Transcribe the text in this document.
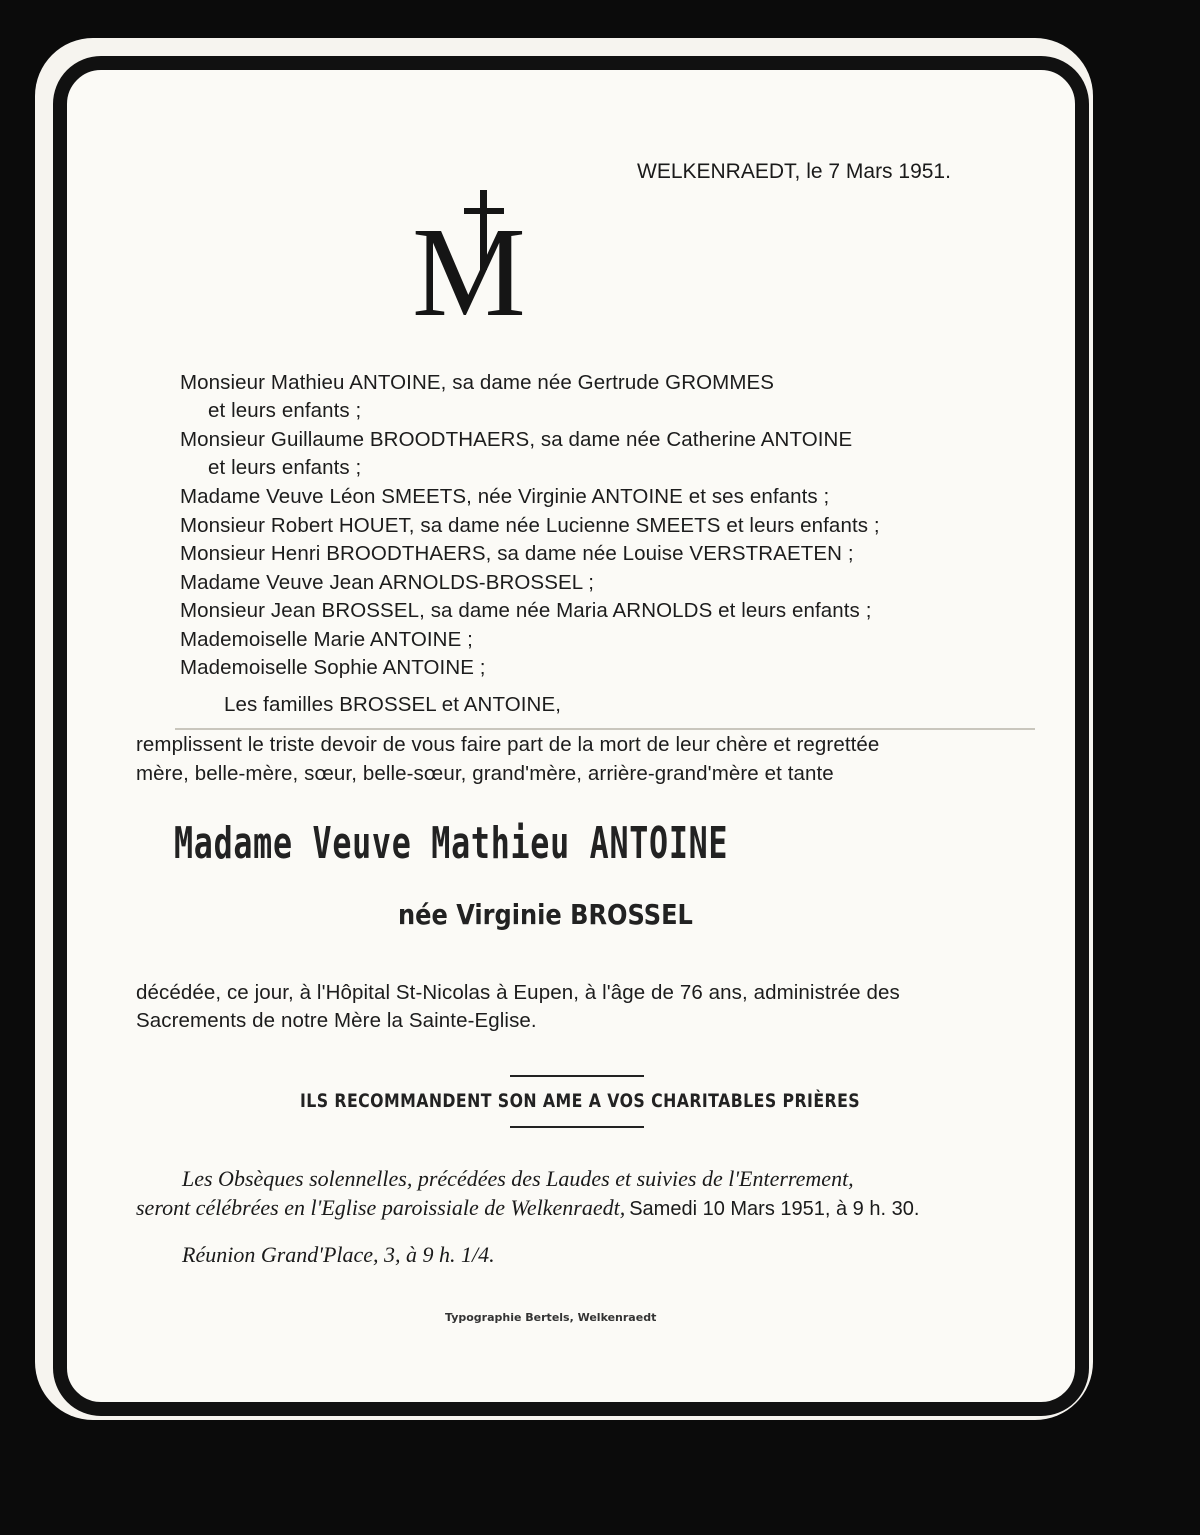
WELKENRAEDT, le 7 Mars 1951.

M

Monsieur Mathieu ANTOINE, sa dame née Gertrude GROMMES

et leurs enfants ;

Monsieur Guillaume BROODTHAERS, sa dame née Catherine ANTOINE

et leurs enfants ;

Madame Veuve Léon SMEETS, née Virginie ANTOINE et ses enfants ;

Monsieur Robert HOUET, sa dame née Lucienne SMEETS et leurs enfants ;

Monsieur Henri BROODTHAERS, sa dame née Louise VERSTRAETEN ;

Madame Veuve Jean ARNOLDS-BROSSEL ;

Monsieur Jean BROSSEL, sa dame née Maria ARNOLDS et leurs enfants ;

Mademoiselle Marie ANTOINE ;

Mademoiselle Sophie ANTOINE ;

Les familles BROSSEL et ANTOINE,

remplissent le triste devoir de vous faire part de la mort de leur chère et regrettée

mère, belle-mère, sœur, belle-sœur, grand'mère, arrière-grand'mère et tante

Madame Veuve Mathieu ANTOINE

née Virginie BROSSEL

décédée, ce jour, à l'Hôpital St-Nicolas à Eupen, à l'âge de 76 ans, administrée des

Sacrements de notre Mère la Sainte-Eglise.

ILS RECOMMANDENT SON AME A VOS CHARITABLES PRIÈRES

Les Obsèques solennelles, précédées des Laudes et suivies de l'Enterrement,

seront célébrées en l'Eglise paroissiale de Welkenraedt, Samedi 10 Mars 1951, à 9 h. 30.

Réunion Grand'Place, 3, à 9 h. 1/4.

Typographie Bertels, Welkenraedt
